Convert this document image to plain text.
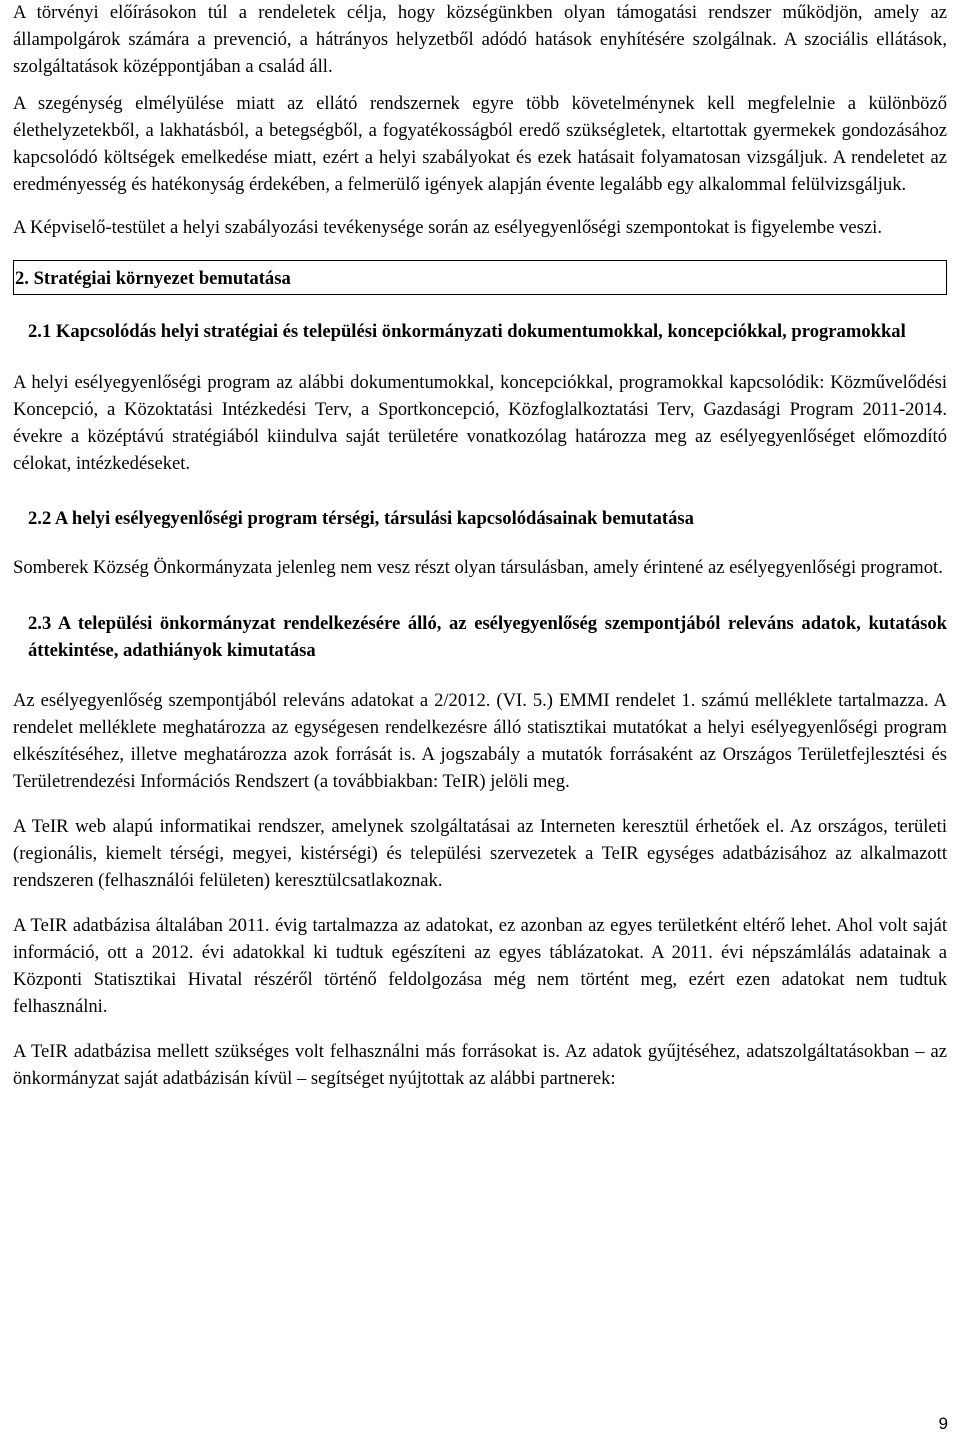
A törvényi előírásokon túl a rendeletek célja, hogy községünkben olyan támogatási rendszer működjön, amely az állampolgárok számára a prevenció, a hátrányos helyzetből adódó hatások enyhítésére szolgálnak. A szociális ellátások, szolgáltatások középpontjában a család áll.

A szegénység elmélyülése miatt az ellátó rendszernek egyre több követelménynek kell megfelelnie a különböző élethelyzetekből, a lakhatásból, a betegségből, a fogyatékosságból eredő szükségletek, eltartottak gyermekek gondozásához kapcsolódó költségek emelkedése miatt, ezért a helyi szabályokat és ezek hatásait folyamatosan vizsgáljuk. A rendeletet az eredményesség és hatékonyság érdekében, a felmerülő igények alapján évente legalább egy alkalommal felülvizsgáljuk.

A Képviselő-testület a helyi szabályozási tevékenysége során az esélyegyenlőségi szempontokat is figyelembe veszi.

2. Stratégiai környezet bemutatása
2.1 Kapcsolódás helyi stratégiai és települési önkormányzati dokumentumokkal, koncepciókkal, programokkal

A helyi esélyegyenlőségi program az alábbi dokumentumokkal, koncepciókkal, programokkal kapcsolódik: Közművelődési Koncepció, a Közoktatási Intézkedési Terv, a Sportkoncepció, Közfoglalkoztatási Terv, Gazdasági Program 2011-2014. évekre a középtávú stratégiából kiindulva saját területére vonatkozólag határozza meg az esélyegyenlőséget előmozdító célokat, intézkedéseket.

2.2 A helyi esélyegyenlőségi program térségi, társulási kapcsolódásainak bemutatása

Somberek Község Önkormányzata jelenleg nem vesz részt olyan társulásban, amely érintené az esélyegyenlőségi programot.

2.3 A települési önkormányzat rendelkezésére álló, az esélyegyenlőség szempontjából releváns adatok, kutatások áttekintése, adathiányok kimutatása

Az esélyegyenlőség szempontjából releváns adatokat a 2/2012. (VI. 5.) EMMI rendelet 1. számú melléklete tartalmazza. A rendelet melléklete meghatározza az egységesen rendelkezésre álló statisztikai mutatókat a helyi esélyegyenlőségi program elkészítéséhez, illetve meghatározza azok forrását is. A jogszabály a mutatók forrásaként az Országos Területfejlesztési és Területrendezési Információs Rendszert (a továbbiakban: TeIR) jelöli meg.

A TeIR web alapú informatikai rendszer, amelynek szolgáltatásai az Interneten keresztül érhetőek el. Az országos, területi (regionális, kiemelt térségi, megyei, kistérségi) és települési szervezetek a TeIR egységes adatbázisához az alkalmazott rendszeren (felhasználói felületen) keresztülcsatlakoznak.

A TeIR adatbázisa általában 2011. évig tartalmazza az adatokat, ez azonban az egyes területként eltérő lehet. Ahol volt saját információ, ott a 2012. évi adatokkal ki tudtuk egészíteni az egyes táblázatokat. A 2011. évi népszámlálás adatainak a Központi Statisztikai Hivatal részéről történő feldolgozása még nem történt meg, ezért ezen adatokat nem tudtuk felhasználni.

A TeIR adatbázisa mellett szükséges volt felhasználni más forrásokat is. Az adatok gyűjtéséhez, adatszolgáltatásokban – az önkormányzat saját adatbázisán kívül – segítséget nyújtottak az alábbi partnerek:

9
